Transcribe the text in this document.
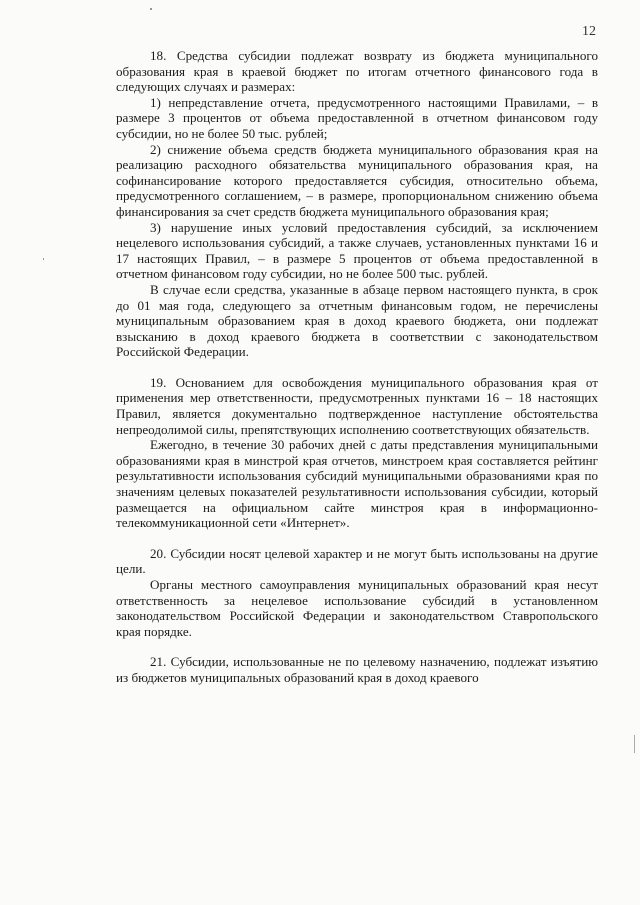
12

18. Средства субсидии подлежат возврату из бюджета муниципального образования края в краевой бюджет по итогам отчетного финансового года в следующих случаях и размерах:

1) непредставление отчета, предусмотренного настоящими Правилами, – в размере 3 процентов от объема предоставленной в отчетном финансовом году субсидии, но не более 50 тыс. рублей;

2) снижение объема средств бюджета муниципального образования края на реализацию расходного обязательства муниципального образования края, на софинансирование которого предоставляется субсидия, относительно объема, предусмотренного соглашением, – в размере, пропорциональном снижению объема финансирования за счет средств бюджета муниципального образования края;

3) нарушение иных условий предоставления субсидий, за исключением нецелевого использования субсидий, а также случаев, установленных пунктами 16 и 17 настоящих Правил, – в размере 5 процентов от объема предоставленной в отчетном финансовом году субсидии, но не более 500 тыс. рублей.

В случае если средства, указанные в абзаце первом настоящего пункта, в срок до 01 мая года, следующего за отчетным финансовым годом, не перечислены муниципальным образованием края в доход краевого бюджета, они подлежат взысканию в доход краевого бюджета в соответствии с законодательством Российской Федерации.

19. Основанием для освобождения муниципального образования края от применения мер ответственности, предусмотренных пунктами 16 – 18 настоящих Правил, является документально подтвержденное наступление обстоятельства непреодолимой силы, препятствующих исполнению соответствующих обязательств.

Ежегодно, в течение 30 рабочих дней с даты представления муниципальными образованиями края в минстрой края отчетов, минстроем края составляется рейтинг результативности использования субсидий муниципальными образованиями края по значениям целевых показателей результативности использования субсидии, который размещается на официальном сайте минстроя края в информационно-телекоммуникационной сети «Интернет».

20. Субсидии носят целевой характер и не могут быть использованы на другие цели.

Органы местного самоуправления муниципальных образований края несут ответственность за нецелевое использование субсидий в установленном законодательством Российской Федерации и законодательством Ставропольского края порядке.

21. Субсидии, использованные не по целевому назначению, подлежат изъятию из бюджетов муниципальных образований края в доход краевого
